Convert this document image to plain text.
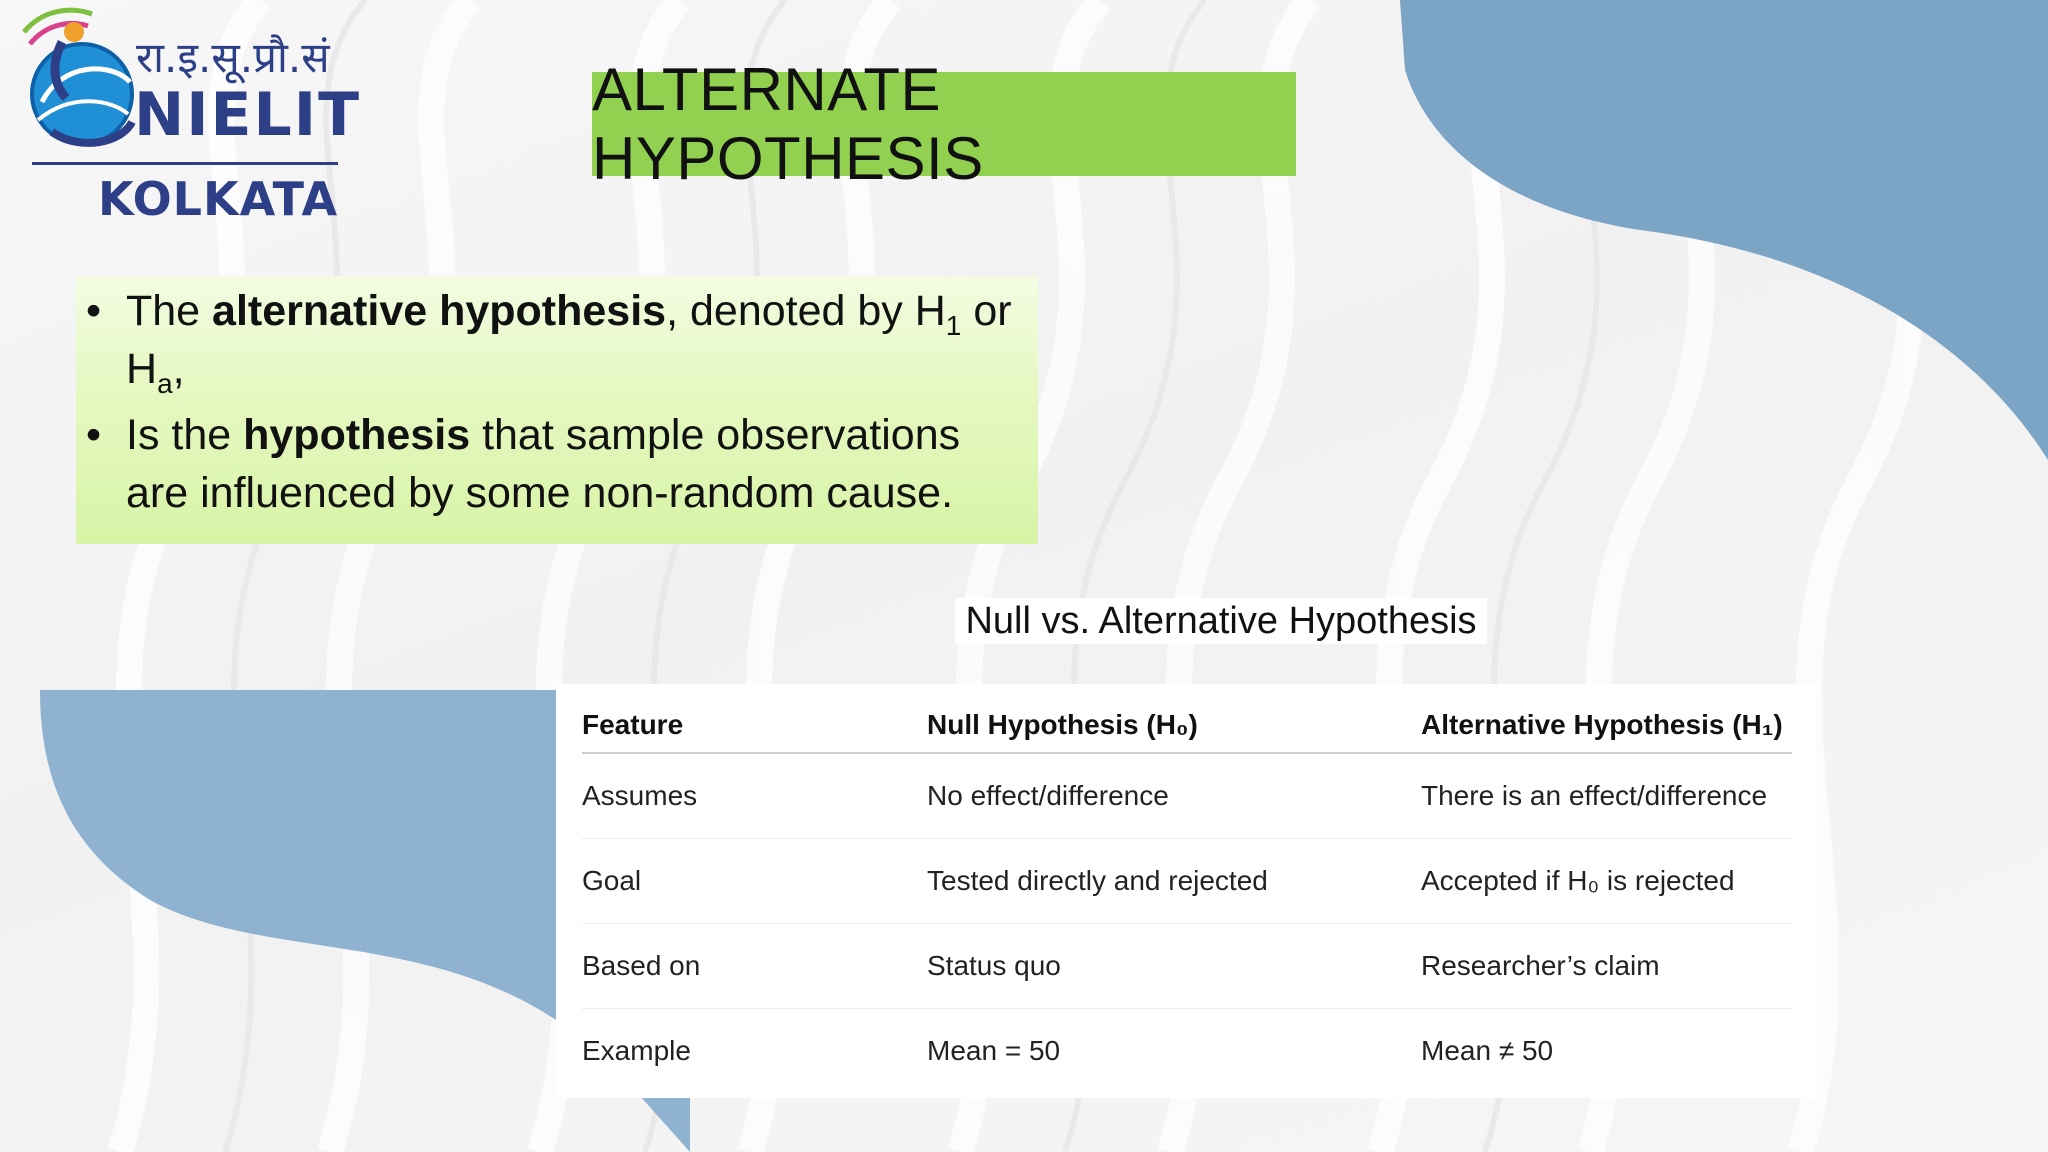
रा.इ.सू.प्रौ.सं
NIELIT
KOLKATA
ALTERNATE HYPOTHESIS
• The alternative hypothesis, denoted by $H_1$ or $H_a$,
• Is the hypothesis that sample observations are influenced by some non-random cause.
Null vs. Alternative Hypothesis
Feature	Null Hypothesis (H₀)	Alternative Hypothesis (H₁)
Assumes	No effect/difference	There is an effect/difference
Goal	Tested directly and rejected	Accepted if H₀ is rejected
Based on	Status quo	Researcher’s claim
Example	Mean = 50	Mean ≠ 50
